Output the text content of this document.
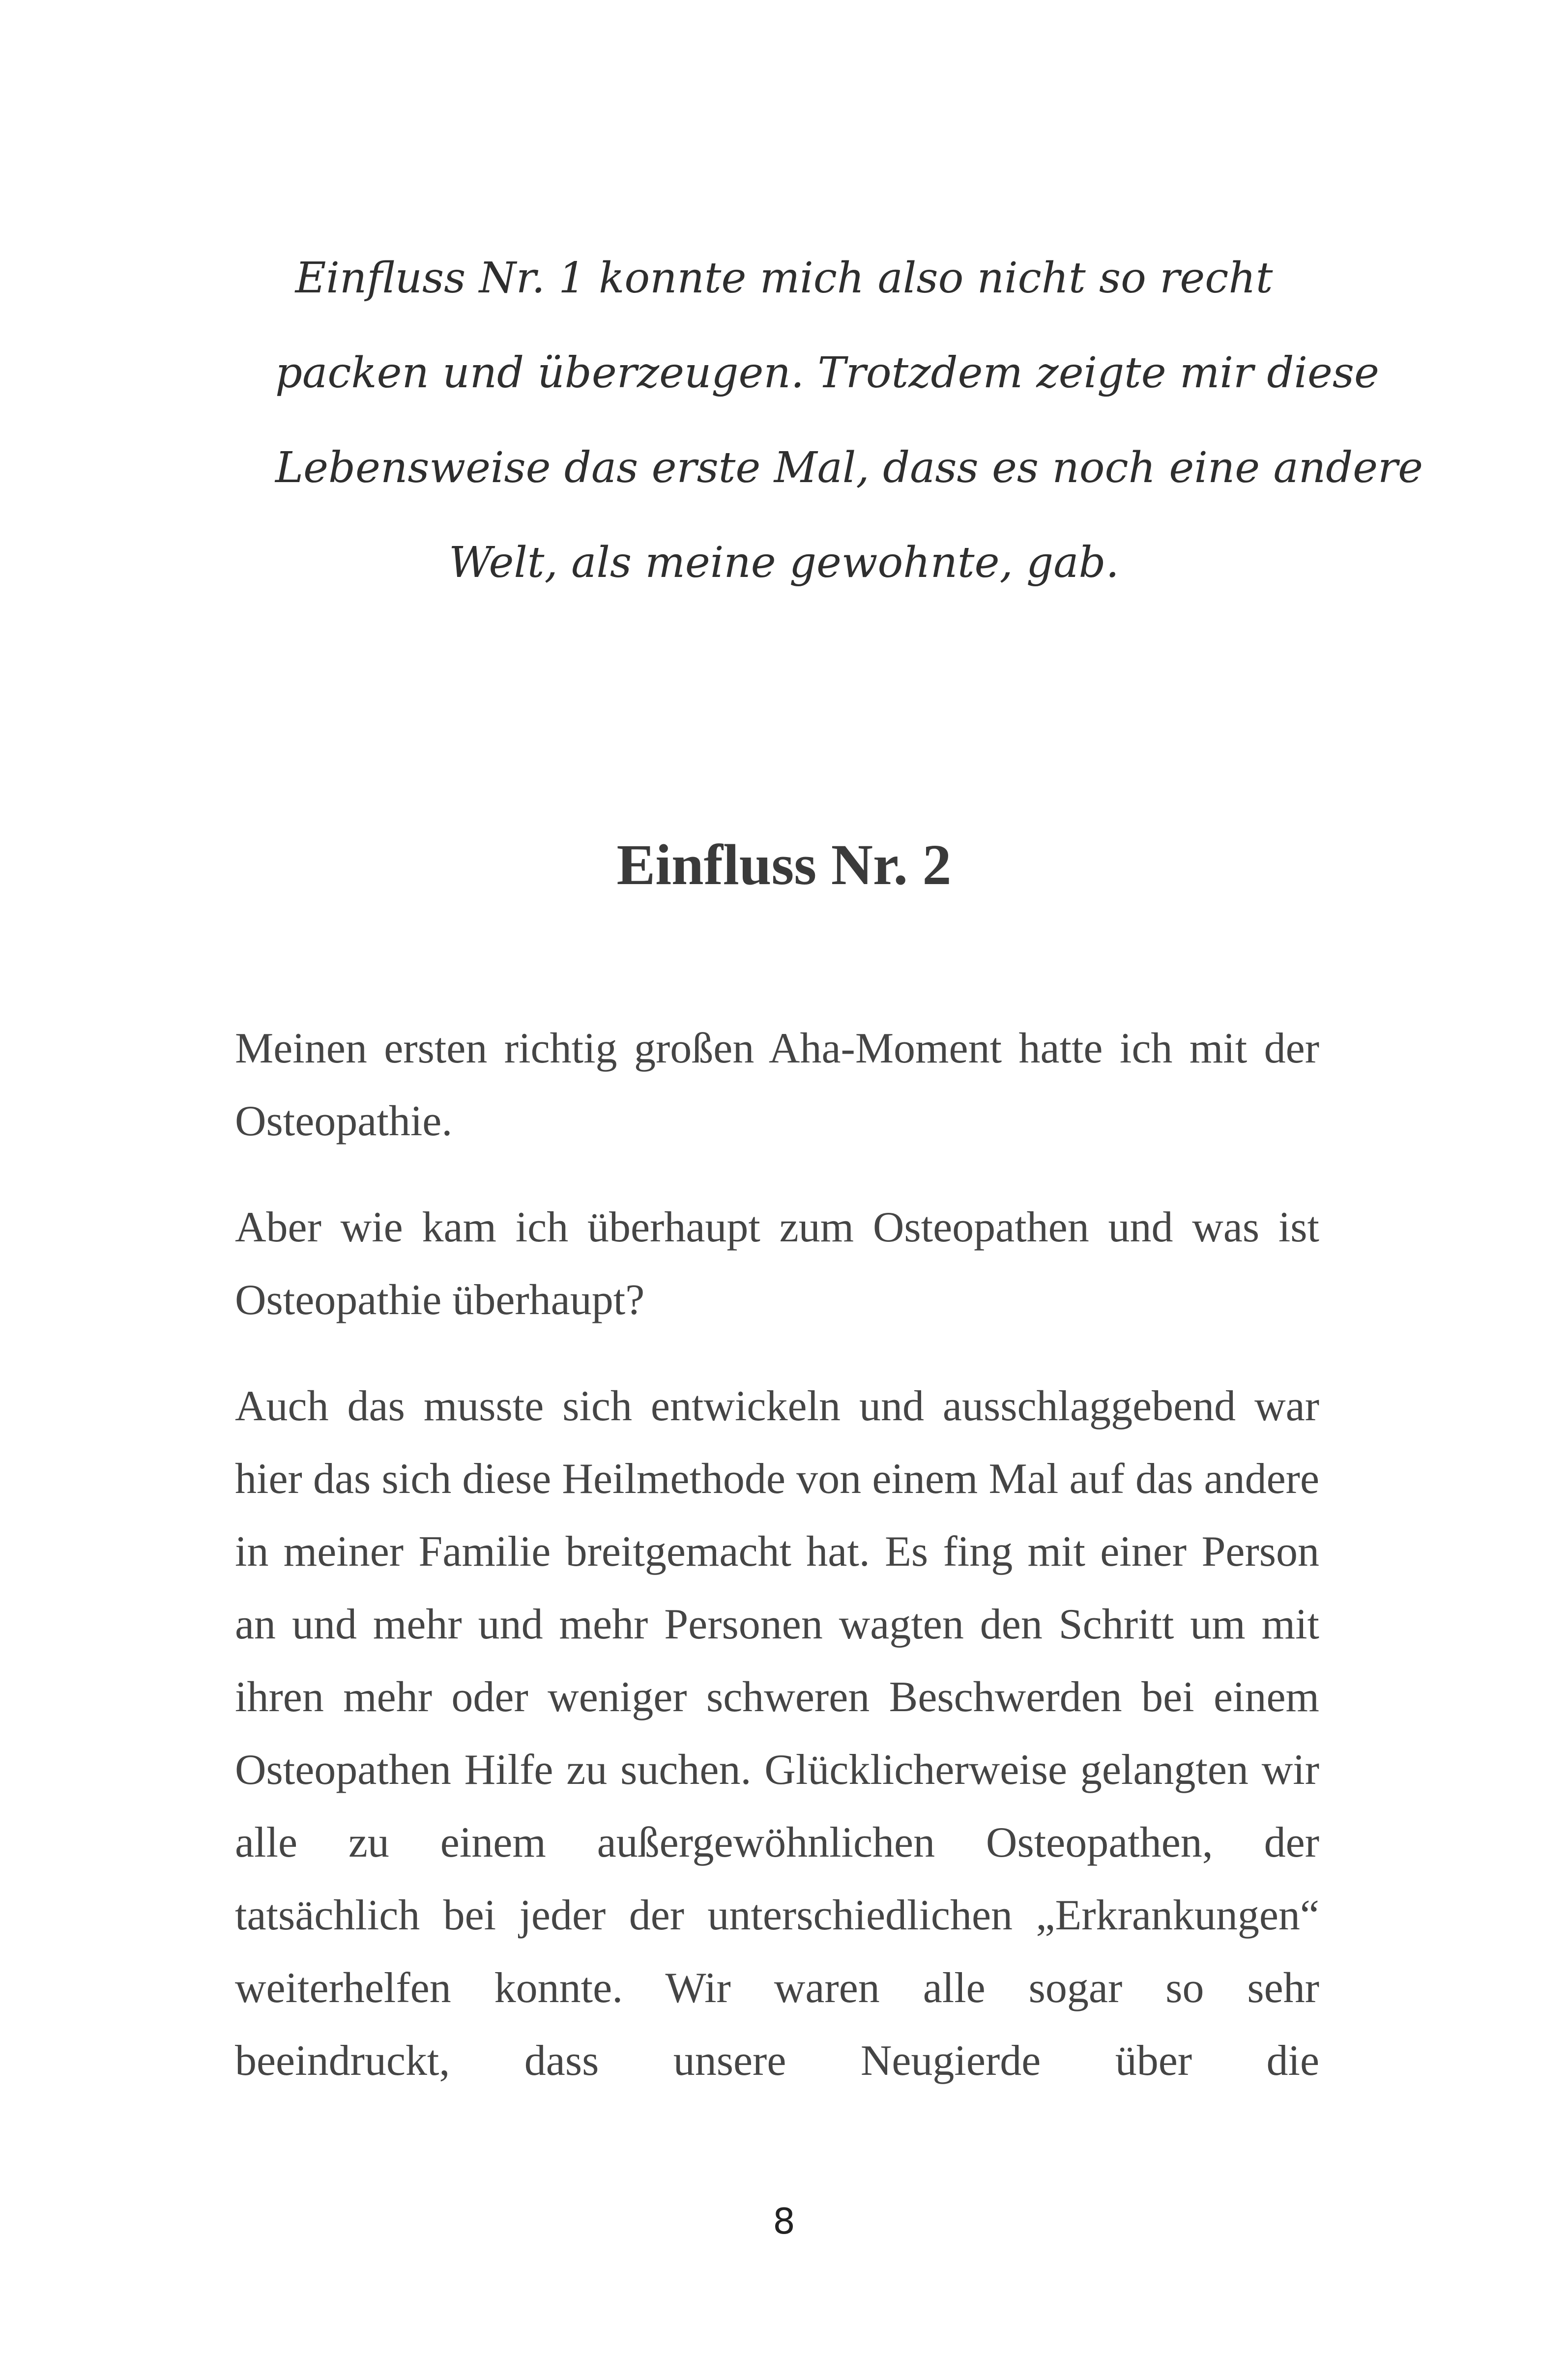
Einfluss Nr. 1 konnte mich also nicht so recht
packen und überzeugen. Trotzdem zeigte mir diese
Lebensweise das erste Mal, dass es noch eine andere
Welt, als meine gewohnte, gab.
Einfluss Nr. 2

Meinen ersten richtig großen Aha-Moment hatte ich mit der
Osteopathie.

Aber wie kam ich überhaupt zum Osteopathen und was ist
Osteopathie überhaupt?

Auch das musste sich entwickeln und ausschlaggebend war
hier das sich diese Heilmethode von einem Mal auf das andere
in meiner Familie breitgemacht hat. Es fing mit einer Person
an und mehr und mehr Personen wagten den Schritt um mit
ihren mehr oder weniger schweren Beschwerden bei einem
Osteopathen Hilfe zu suchen. Glücklicherweise gelangten wir
alle zu einem außergewöhnlichen Osteopathen, der
tatsächlich bei jeder der unterschiedlichen „Erkrankungen“
weiterhelfen konnte. Wir waren alle sogar so sehr
beeindruckt, dass unsere Neugierde über die

8
